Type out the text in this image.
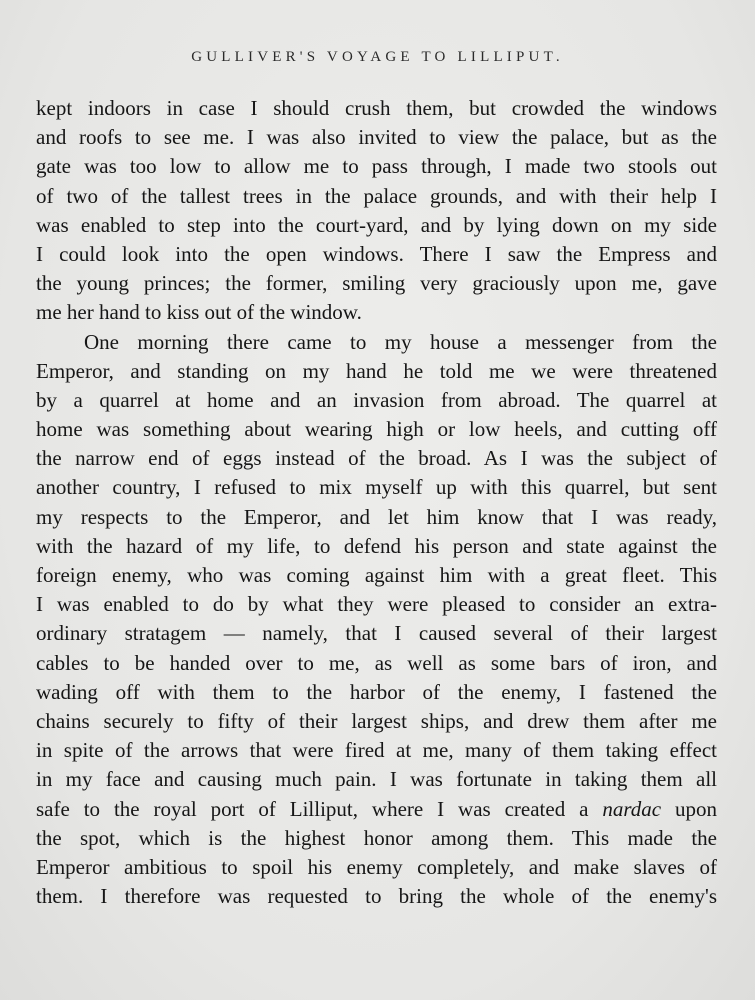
GULLIVER'S VOYAGE TO LILLIPUT.
kept indoors in case I should crush them, but crowded the windows
and roofs to see me. I was also invited to view the palace, but as the
gate was too low to allow me to pass through, I made two stools out
of two of the tallest trees in the palace grounds, and with their help I
was enabled to step into the court-yard, and by lying down on my side
I could look into the open windows. There I saw the Empress and
the young princes; the former, smiling very graciously upon me, gave
me her hand to kiss out of the window.
One morning there came to my house a messenger from the
Emperor, and standing on my hand he told me we were threatened
by a quarrel at home and an invasion from abroad. The quarrel at
home was something about wearing high or low heels, and cutting off
the narrow end of eggs instead of the broad. As I was the subject of
another country, I refused to mix myself up with this quarrel, but sent
my respects to the Emperor, and let him know that I was ready,
with the hazard of my life, to defend his person and state against the
foreign enemy, who was coming against him with a great fleet. This
I was enabled to do by what they were pleased to consider an extra-
ordinary stratagem — namely, that I caused several of their largest
cables to be handed over to me, as well as some bars of iron, and
wading off with them to the harbor of the enemy, I fastened the
chains securely to fifty of their largest ships, and drew them after me
in spite of the arrows that were fired at me, many of them taking effect
in my face and causing much pain. I was fortunate in taking them all
safe to the royal port of Lilliput, where I was created a nardac upon
the spot, which is the highest honor among them. This made the
Emperor ambitious to spoil his enemy completely, and make slaves of
them. I therefore was requested to bring the whole of the enemy's
